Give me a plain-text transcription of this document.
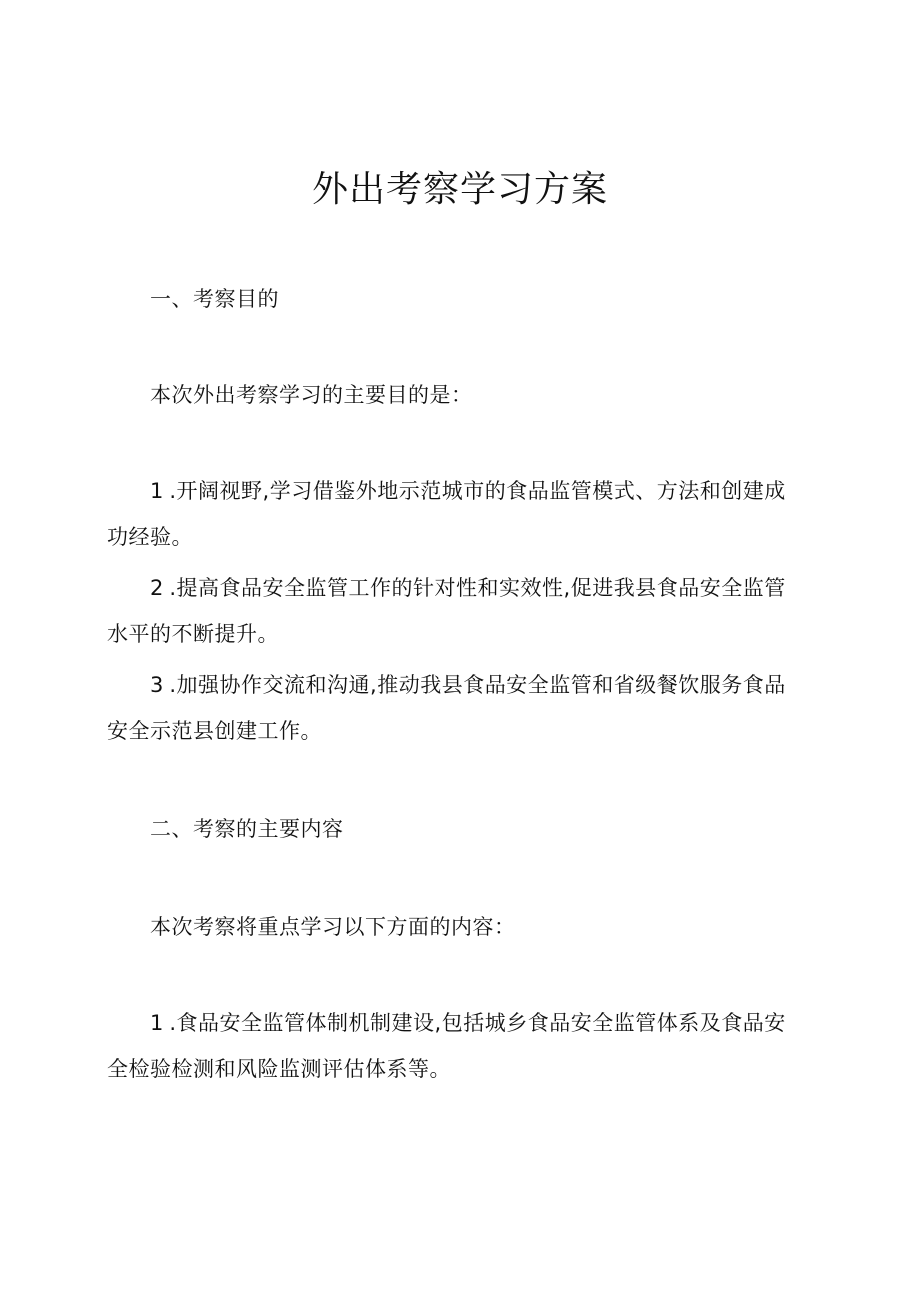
外出考察学习方案

一、考察目的

本次外出考察学习的主要目的是：

1.开阔视野,学习借鉴外地示范城市的食品监管模式、方法和创建成功经验。

2.提高食品安全监管工作的针对性和实效性,促进我县食品安全监管水平的不断提升。

3.加强协作交流和沟通,推动我县食品安全监管和省级餐饮服务食品安全示范县创建工作。

二、考察的主要内容

本次考察将重点学习以下方面的内容：

1.食品安全监管体制机制建设,包括城乡食品安全监管体系及食品安全检验检测和风险监测评估体系等。
